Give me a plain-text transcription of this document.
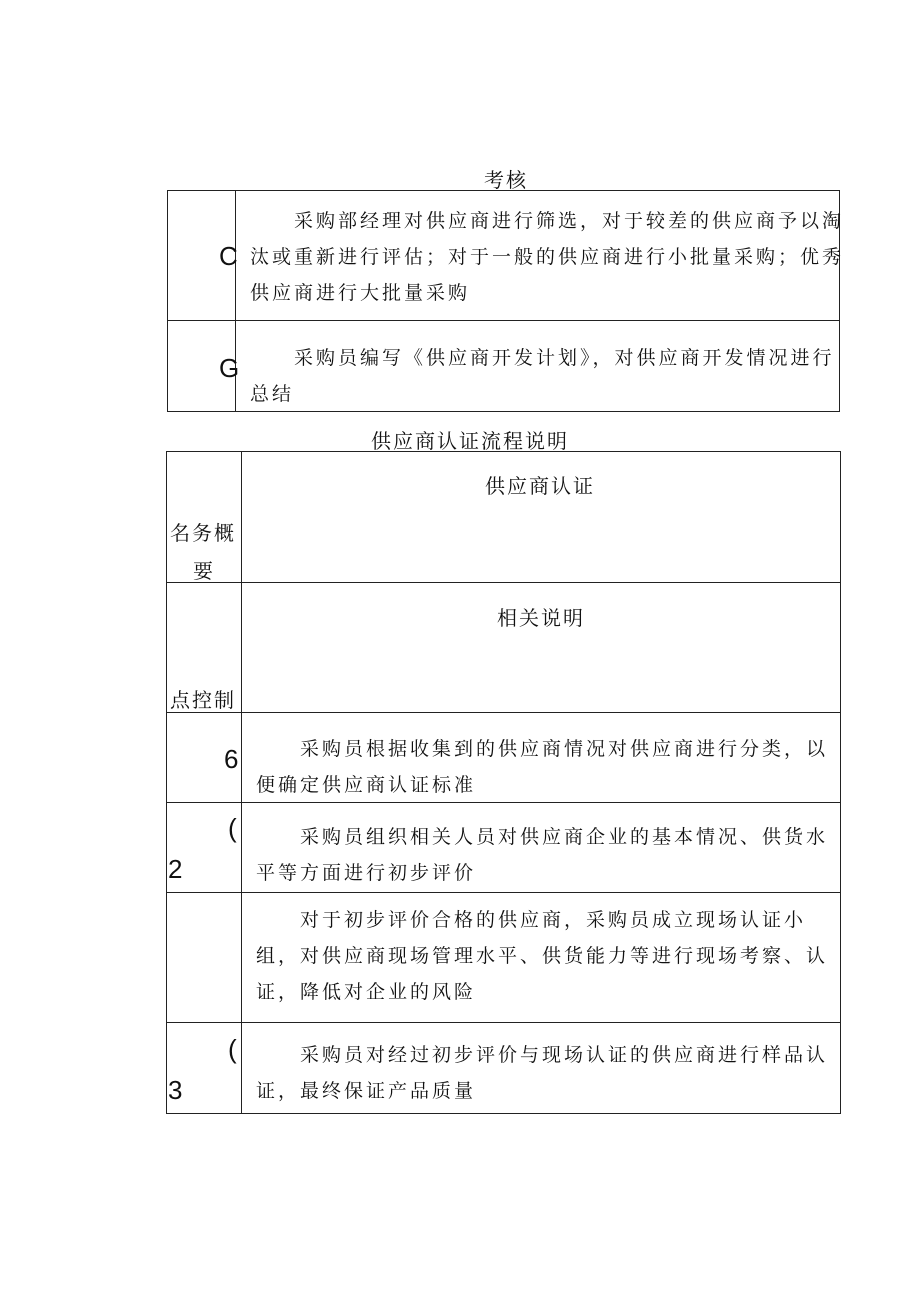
考核
C
采购部经理对供应商进行筛选，对于较差的供应商予以淘汰或重新进行评估；对于一般的供应商进行小批量采购；优秀供应商进行大批量采购
G	采购员编写《供应商开发计划》，对供应商开发情况进行总结
供应商认证流程说明
名务概
要
供应商认证
点控制
相关说明
6	采购员根据收集到的供应商情况对供应商进行分类，以便确定供应商认证标准
(
2
采购员组织相关人员对供应商企业的基本情况、供货水平等方面进行初步评价
对于初步评价合格的供应商，采购员成立现场认证小组，对供应商现场管理水平、供货能力等进行现场考察、认证，降低对企业的风险
(
3
采购员对经过初步评价与现场认证的供应商进行样品认证，最终保证产品质量
